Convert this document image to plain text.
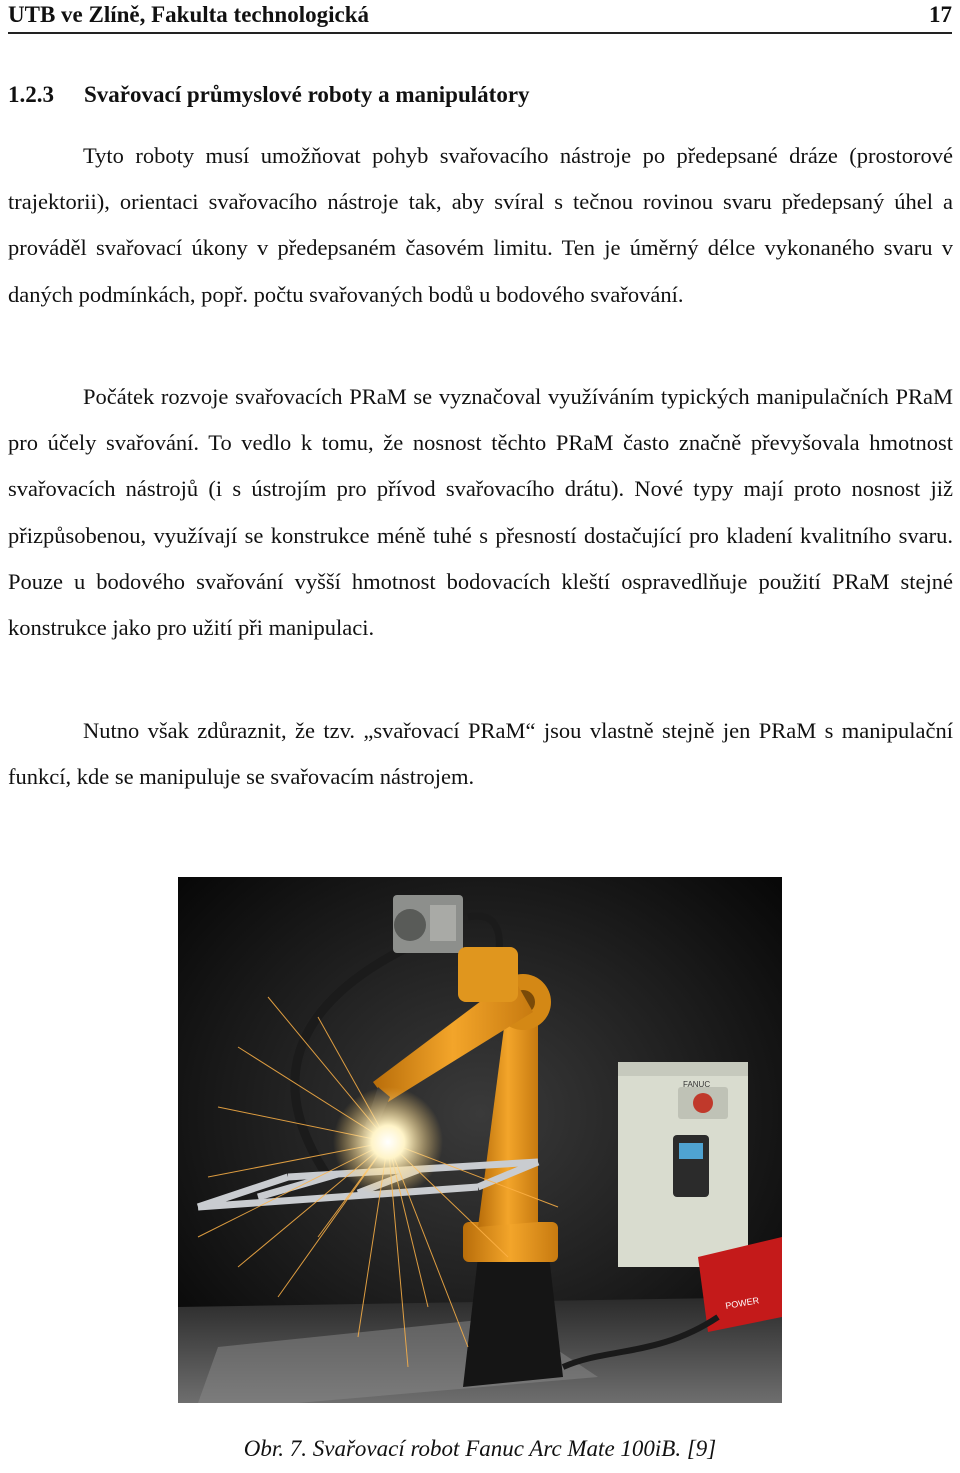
UTB ve Zlíně, Fakulta technologická	17
1.2.3 Svařovací průmyslové roboty a manipulátory

Tyto roboty musí umožňovat pohyb svařovacího nástroje po předepsané dráze (prostorové trajektorii), orientaci svařovacího nástroje tak, aby svíral s tečnou rovinou svaru předepsaný úhel a prováděl svařovací úkony v předepsaném časovém limitu. Ten je úměrný délce vykonaného svaru v daných podmínkách, popř. počtu svařovaných bodů u bodového svařování.

Počátek rozvoje svařovacích PRaM se vyznačoval využíváním typických manipulačních PRaM pro účely svařování. To vedlo k tomu, že nosnost těchto PRaM často značně převyšovala hmotnost svařovacích nástrojů (i s ústrojím pro přívod svařovacího drátu). Nové typy mají proto nosnost již přizpůsobenou, využívají se konstrukce méně tuhé s přesností dostačující pro kladení kvalitního svaru. Pouze u bodového svařování vyšší hmotnost bodovacích kleští ospravedlňuje použití PRaM stejné konstrukce jako pro užití při manipulaci.

Nutno však zdůraznit, že tzv. „svařovací PRaM“ jsou vlastně stejně jen PRaM s manipulační funkcí, kde se manipuluje se svařovacím nástrojem.

FANUC
POWER
Obr. 7. Svařovací robot Fanuc Arc Mate 100iB. [9]
